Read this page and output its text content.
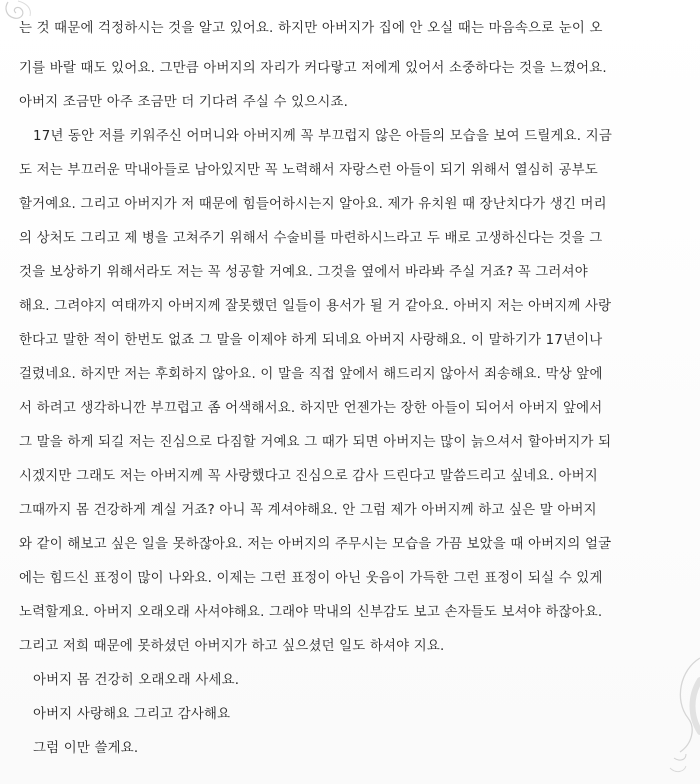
는 것 때문에 걱정하시는 것을 알고 있어요. 하지만 아버지가 집에 안 오실 때는 마음속으로 눈이 오
기를 바랄 때도 있어요. 그만큼 아버지의 자리가 커다랗고 저에게 있어서 소중하다는 것을 느꼈어요.
아버지 조금만 아주 조금만 더 기다려 주실 수 있으시죠.
17년 동안 저를 키워주신 어머니와 아버지께 꼭 부끄럽지 않은 아들의 모습을 보여 드릴게요. 지금
도 저는 부끄러운 막내아들로 남아있지만 꼭 노력해서 자랑스런 아들이 되기 위해서 열심히 공부도
할거예요. 그리고 아버지가 저 때문에 힘들어하시는지 알아요. 제가 유치원 때 장난치다가 생긴 머리
의 상처도 그리고 제 병을 고쳐주기 위해서 수술비를 마련하시느라고 두 배로 고생하신다는 것을 그
것을 보상하기 위해서라도 저는 꼭 성공할 거예요. 그것을 옆에서 바라봐 주실 거죠? 꼭 그러셔야
해요. 그려야지 여태까지 아버지께 잘못했던 일들이 용서가 될 거 같아요. 아버지 저는 아버지께 사랑
한다고 말한 적이 한번도 없죠 그 말을 이제야 하게 되네요 아버지 사랑해요. 이 말하기가 17년이나
걸렸네요. 하지만 저는 후회하지 않아요. 이 말을 직접 앞에서 해드리지 않아서 죄송해요. 막상 앞에
서 하려고 생각하니깐 부끄럽고 좀 어색해서요. 하지만 언젠가는 장한 아들이 되어서 아버지 앞에서
그 말을 하게 되길 저는 진심으로 다짐할 거예요 그 때가 되면 아버지는 많이 늙으셔서 할아버지가 되
시겠지만 그래도 저는 아버지께 꼭 사랑했다고 진심으로 감사 드린다고 말씀드리고 싶네요. 아버지
그때까지 몸 건강하게 계실 거죠? 아니 꼭 계셔야해요. 안 그럼 제가 아버지께 하고 싶은 말 아버지
와 같이 해보고 싶은 일을 못하잖아요. 저는 아버지의 주무시는 모습을 가끔 보았을 때 아버지의 얼굴
에는 힘드신 표정이 많이 나와요. 이제는 그런 표정이 아닌 웃음이 가득한 그런 표정이 되실 수 있게
노력할게요. 아버지 오래오래 사셔야해요. 그래야 막내의 신부감도 보고 손자들도 보셔야 하잖아요.
그리고 저희 때문에 못하셨던 아버지가 하고 싶으셨던 일도 하셔야 지요.
아버지 몸 건강히 오래오래 사세요.
아버지 사랑해요 그리고 감사해요
그럼 이만 쓸게요.
